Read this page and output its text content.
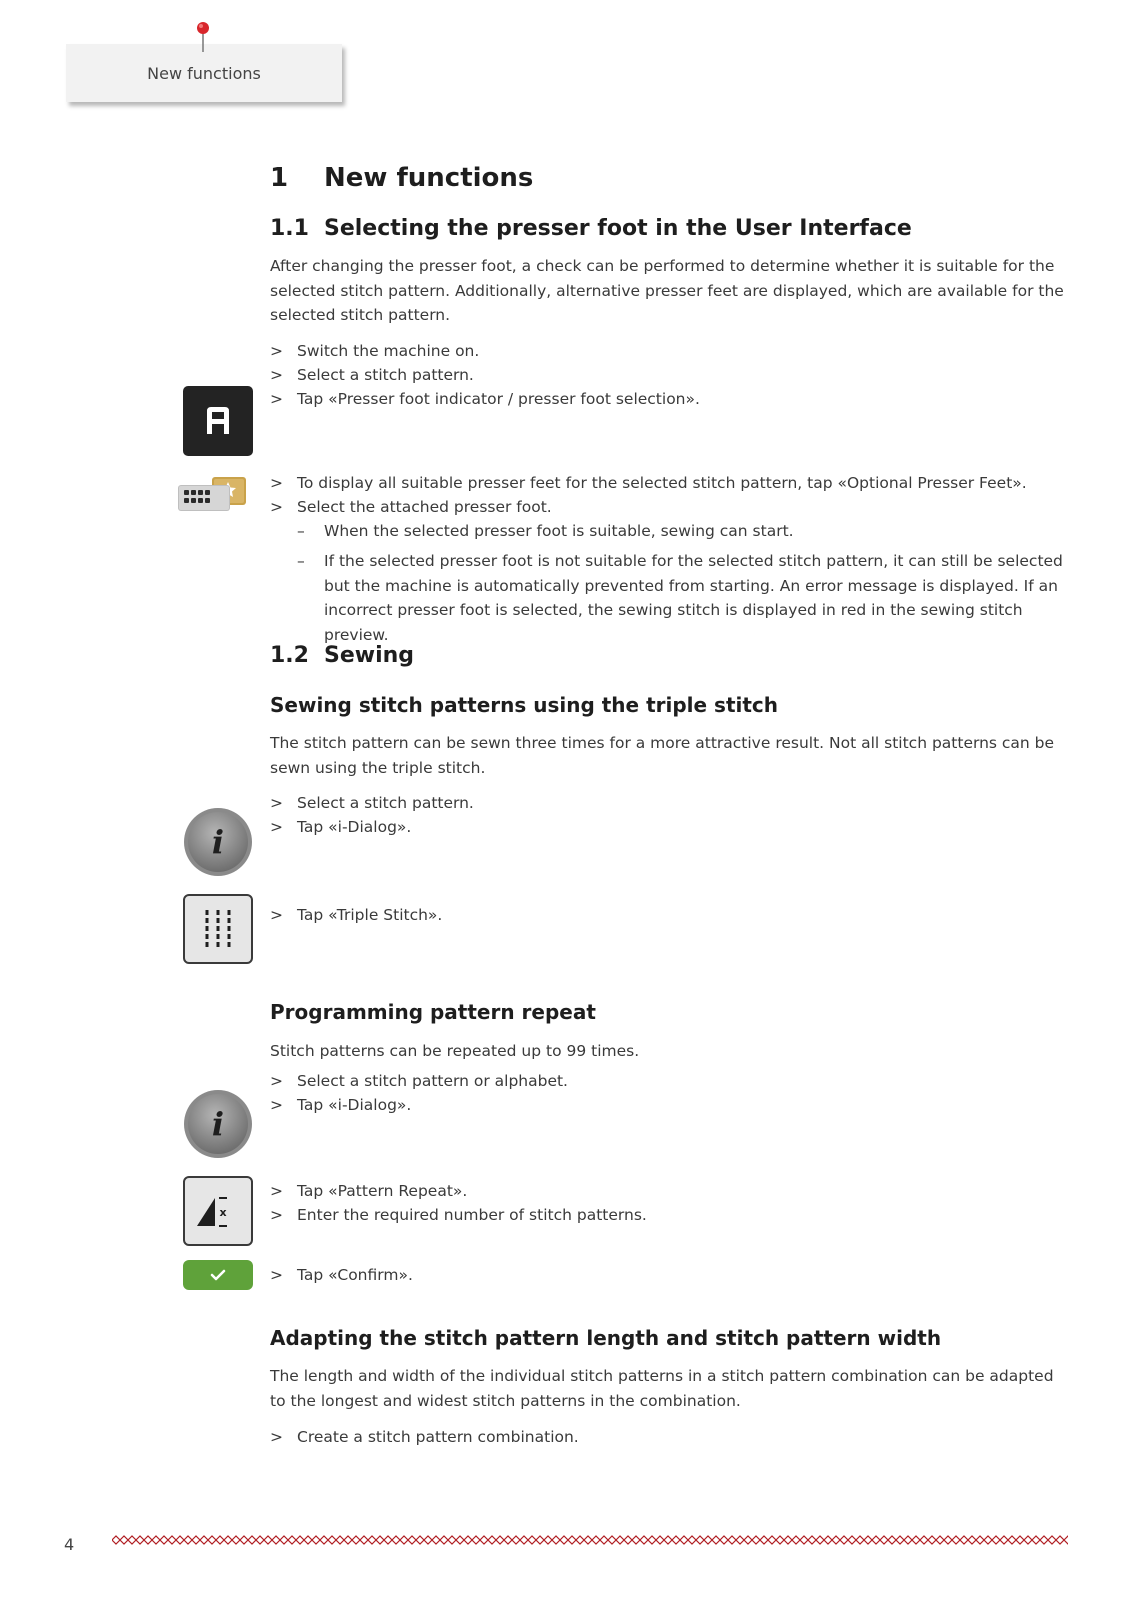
New functions
1 New functions
1.1 Selecting the presser foot in the User Interface

After changing the presser foot, a check can be performed to determine whether it is suitable for the selected stitch pattern. Additionally, alternative presser feet are displayed, which are available for the selected stitch pattern.

> Switch the machine on.
> Select a stitch pattern.
> Tap «Presser foot indicator / presser foot selection».
> To display all suitable presser feet for the selected stitch pattern, tap «Optional Presser Feet».
> Select the attached presser foot.
–	When the selected presser foot is suitable, sewing can start.
–	If the selected presser foot is not suitable for the selected stitch pattern, it can still be selected but the machine is automatically prevented from starting. An error message is displayed. If an incorrect presser foot is selected, the sewing stitch is displayed in red in the sewing stitch preview.
1.2 Sewing
Sewing stitch patterns using the triple stitch

The stitch pattern can be sewn three times for a more attractive result. Not all stitch patterns can be sewn using the triple stitch.

> Select a stitch pattern.
> Tap «i-Dialog».
i
> Tap «Triple Stitch».
Programming pattern repeat

Stitch patterns can be repeated up to 99 times.

> Select a stitch pattern or alphabet.
> Tap «i-Dialog».
i
> Tap «Pattern Repeat».
> Enter the required number of stitch patterns.
x
> Tap «Confirm».
Adapting the stitch pattern length and stitch pattern width

The length and width of the individual stitch patterns in a stitch pattern combination can be adapted to the longest and widest stitch patterns in the combination.

> Create a stitch pattern combination.
4
